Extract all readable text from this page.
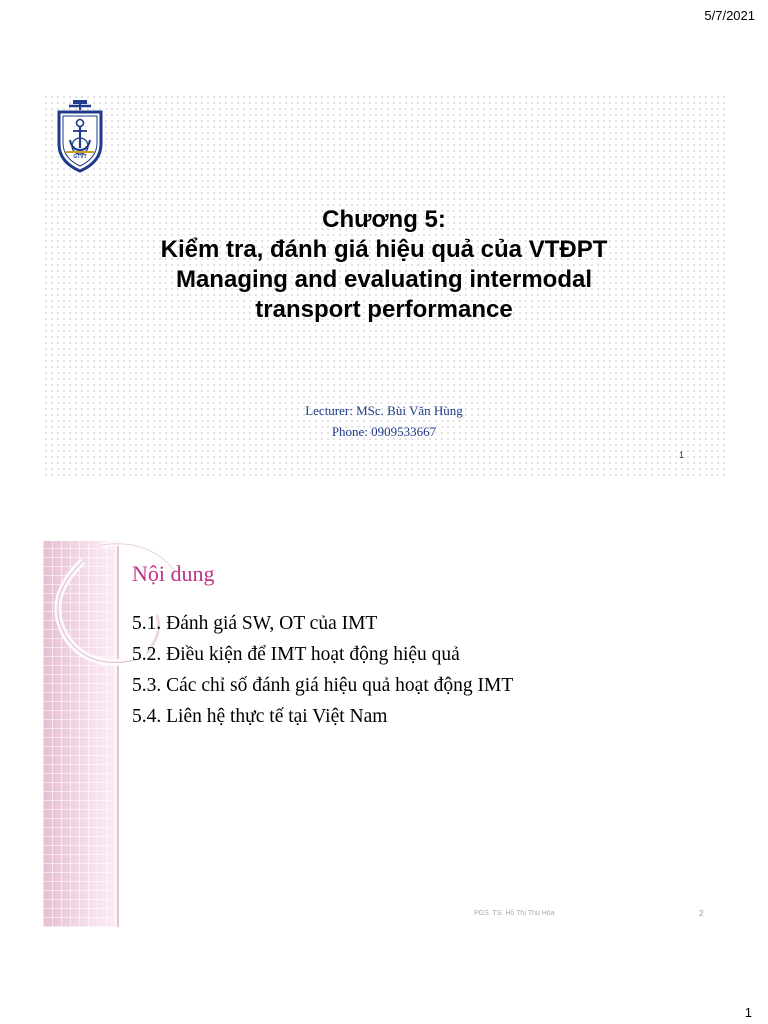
5/7/2021
GTVT
Chương 5:
Kiểm tra, đánh giá hiệu quả của VTĐPT
Managing and evaluating intermodal
transport performance
Lecturer: MSc. Bùi Văn Hùng
Phone: 0909533667
1
Nội dung
5.1. Đánh giá SW, OT của IMT
5.2. Điều kiện để IMT hoạt động hiệu quả
5.3. Các chỉ số đánh giá hiệu quả hoạt động IMT
5.4. Liên hệ thực tế tại Việt Nam
PGS. TS. Hồ Thị Thu Hòa	2
1
